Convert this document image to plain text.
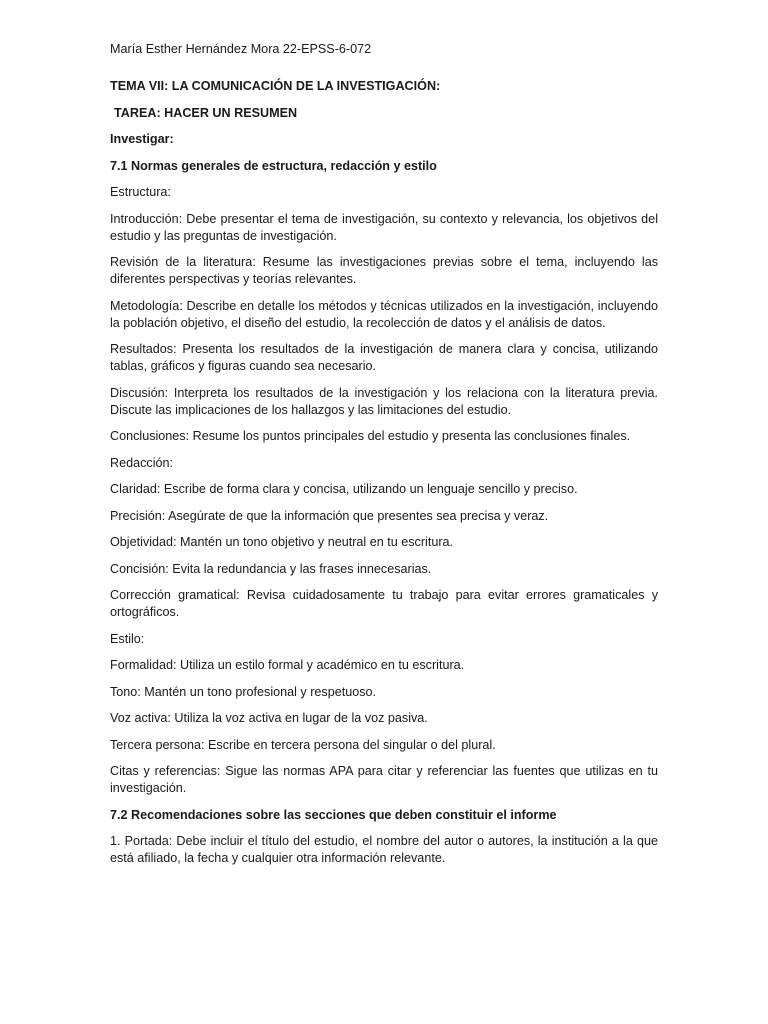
María Esther Hernández Mora 22-EPSS-6-072

TEMA VII: LA COMUNICACIÓN DE LA INVESTIGACIÓN:

TAREA: HACER UN RESUMEN

Investigar:

7.1 Normas generales de estructura, redacción y estilo

Estructura:

Introducción: Debe presentar el tema de investigación, su contexto y relevancia, los objetivos del estudio y las preguntas de investigación.

Revisión de la literatura: Resume las investigaciones previas sobre el tema, incluyendo las diferentes perspectivas y teorías relevantes.

Metodología: Describe en detalle los métodos y técnicas utilizados en la investigación, incluyendo la población objetivo, el diseño del estudio, la recolección de datos y el análisis de datos.

Resultados: Presenta los resultados de la investigación de manera clara y concisa, utilizando tablas, gráficos y figuras cuando sea necesario.

Discusión: Interpreta los resultados de la investigación y los relaciona con la literatura previa. Discute las implicaciones de los hallazgos y las limitaciones del estudio.

Conclusiones: Resume los puntos principales del estudio y presenta las conclusiones finales.

Redacción:

Claridad: Escribe de forma clara y concisa, utilizando un lenguaje sencillo y preciso.

Precisión: Asegúrate de que la información que presentes sea precisa y veraz.

Objetividad: Mantén un tono objetivo y neutral en tu escritura.

Concisión: Evita la redundancia y las frases innecesarias.

Corrección gramatical: Revisa cuidadosamente tu trabajo para evitar errores gramaticales y ortográficos.

Estilo:

Formalidad: Utiliza un estilo formal y académico en tu escritura.

Tono: Mantén un tono profesional y respetuoso.

Voz activa: Utiliza la voz activa en lugar de la voz pasiva.

Tercera persona: Escribe en tercera persona del singular o del plural.

Citas y referencias: Sigue las normas APA para citar y referenciar las fuentes que utilizas en tu investigación.

7.2 Recomendaciones sobre las secciones que deben constituir el informe

1. Portada: Debe incluir el título del estudio, el nombre del autor o autores, la institución a la que está afiliado, la fecha y cualquier otra información relevante.
